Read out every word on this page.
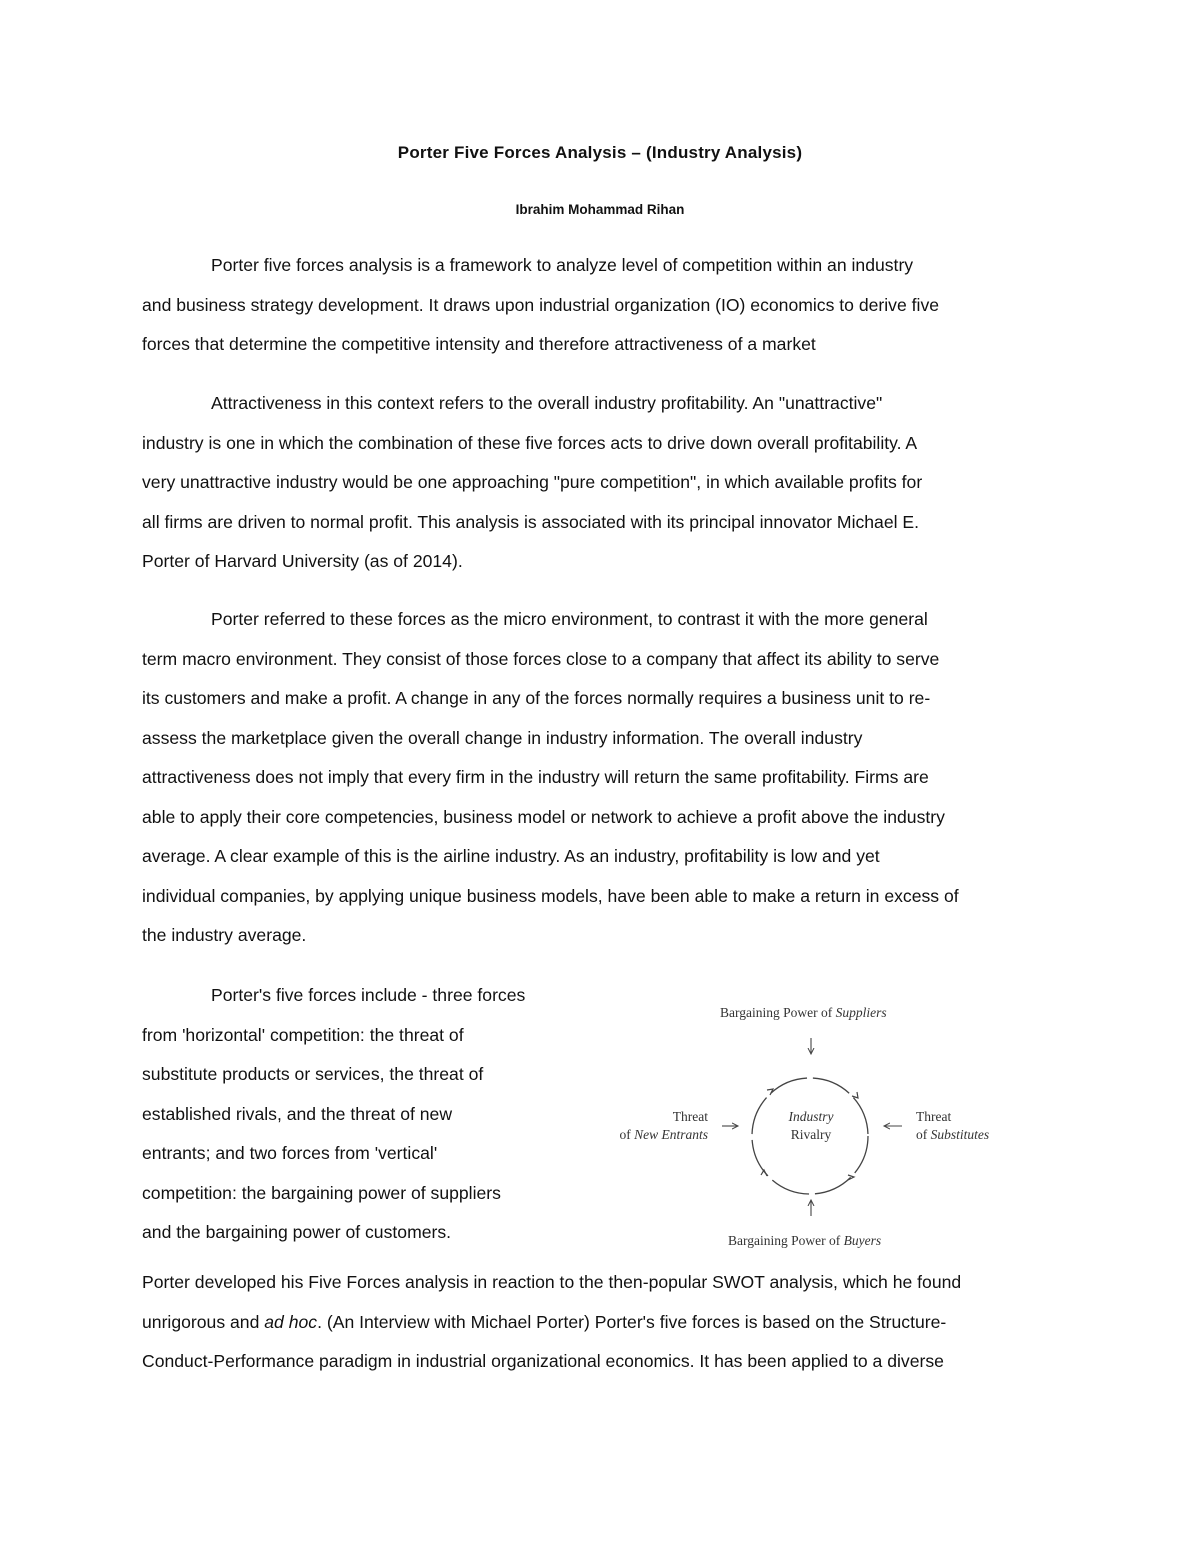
Porter Five Forces Analysis – (Industry Analysis)
Ibrahim Mohammad Rihan
Porter five forces analysis is a framework to analyze level of competition within an industry
and business strategy development. It draws upon industrial organization (IO) economics to derive five
forces that determine the competitive intensity and therefore attractiveness of a market
Attractiveness in this context refers to the overall industry profitability. An "unattractive"
industry is one in which the combination of these five forces acts to drive down overall profitability. A
very unattractive industry would be one approaching "pure competition", in which available profits for
all firms are driven to normal profit. This analysis is associated with its principal innovator Michael E.
Porter of Harvard University (as of 2014).
Porter referred to these forces as the micro environment, to contrast it with the more general
term macro environment. They consist of those forces close to a company that affect its ability to serve
its customers and make a profit. A change in any of the forces normally requires a business unit to re-
assess the marketplace given the overall change in industry information. The overall industry
attractiveness does not imply that every firm in the industry will return the same profitability. Firms are
able to apply their core competencies, business model or network to achieve a profit above the industry
average. A clear example of this is the airline industry. As an industry, profitability is low and yet
individual companies, by applying unique business models, have been able to make a return in excess of
the industry average.
Porter's five forces include - three forces
from 'horizontal' competition: the threat of
substitute products or services, the threat of
established rivals, and the threat of new
entrants; and two forces from 'vertical'
competition: the bargaining power of suppliers
and the bargaining power of customers.
Bargaining Power of Suppliers
Threat
of New Entrants
Threat
of Substitutes
Industry
Rivalry
Bargaining Power of Buyers
Porter developed his Five Forces analysis in reaction to the then-popular SWOT analysis, which he found
unrigorous and ad hoc. (An Interview with Michael Porter) Porter's five forces is based on the Structure-
Conduct-Performance paradigm in industrial organizational economics. It has been applied to a diverse
